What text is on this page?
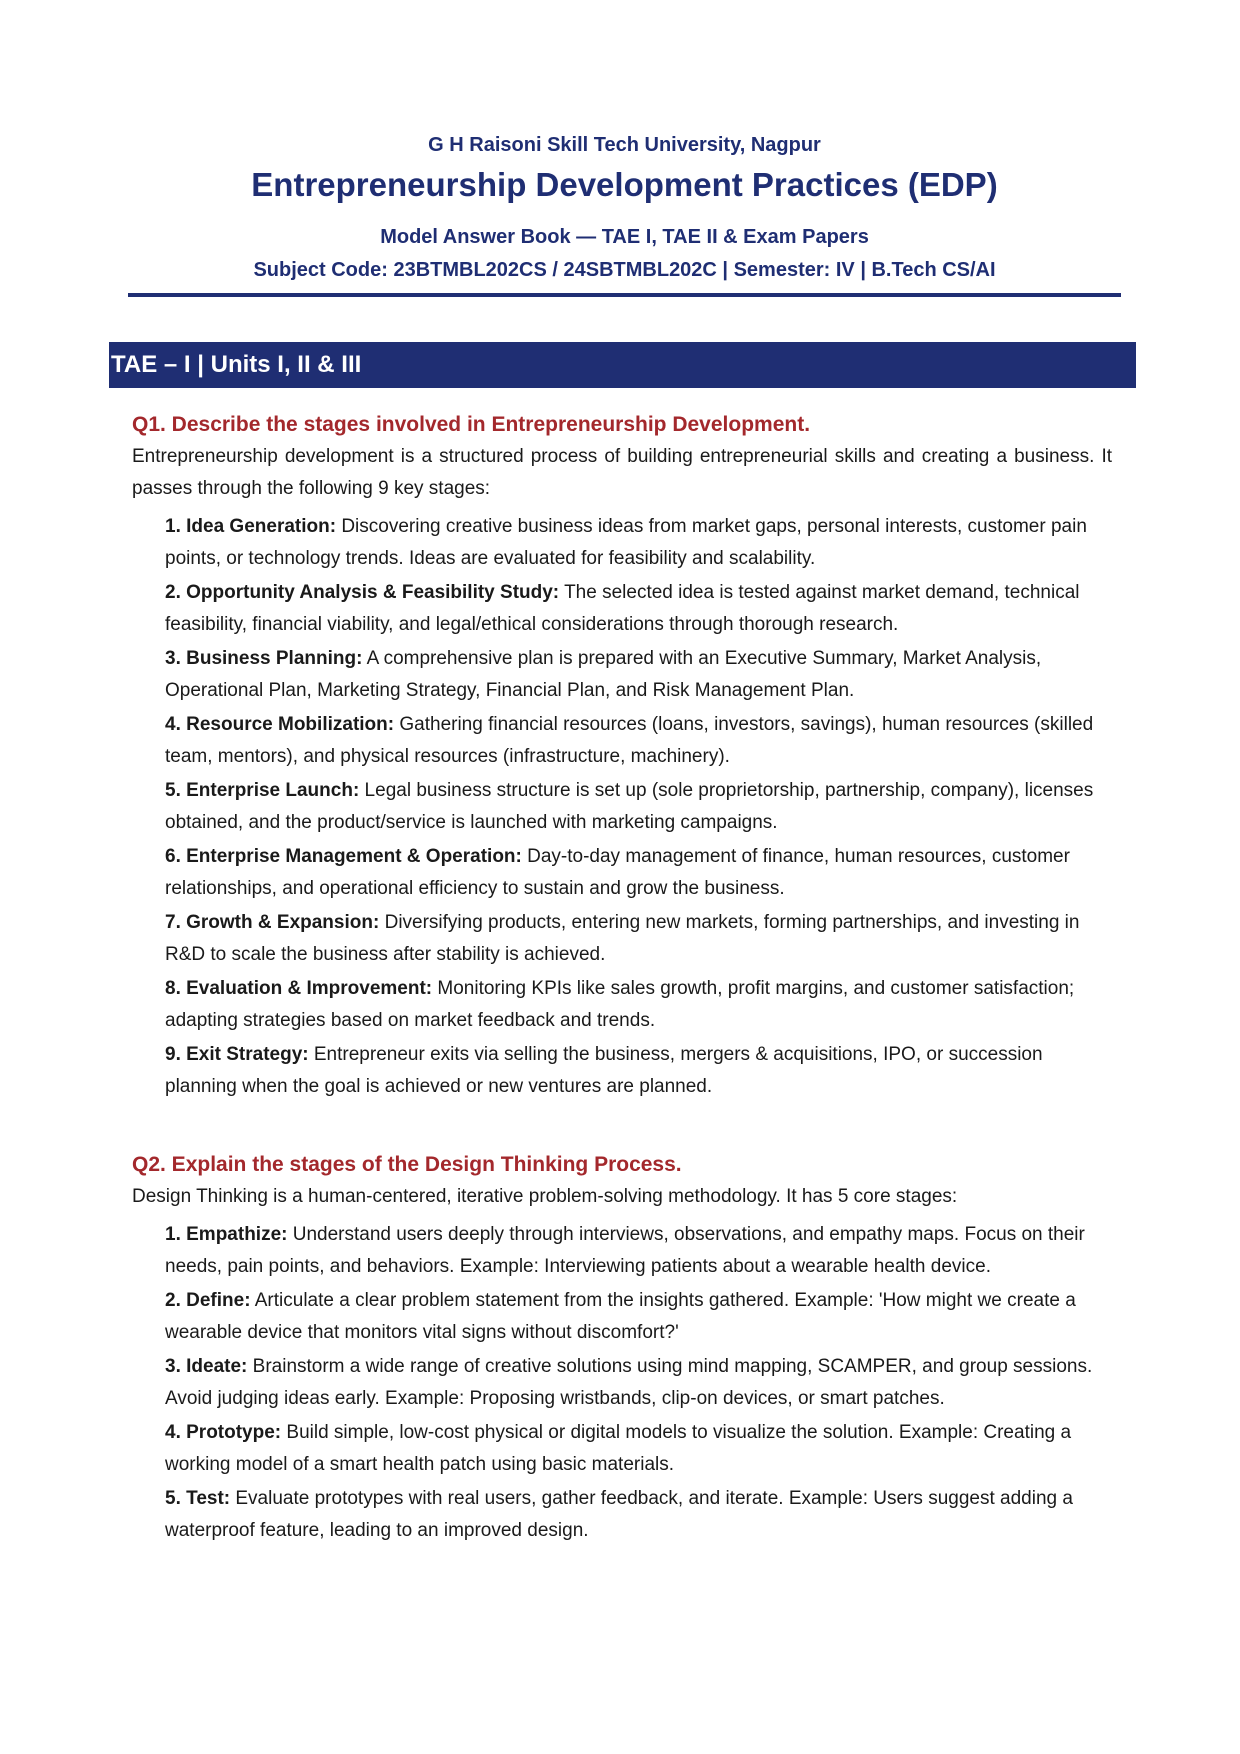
G H Raisoni Skill Tech University, Nagpur
Entrepreneurship Development Practices (EDP)
Model Answer Book — TAE I, TAE II & Exam Papers
Subject Code: 23BTMBL202CS / 24SBTMBL202C | Semester: IV | B.Tech CS/AI
TAE – I | Units I, II & III
Q1. Describe the stages involved in Entrepreneurship Development.
Entrepreneurship development is a structured process of building entrepreneurial skills and creating a business. It passes through the following 9 key stages:
1. Idea Generation: Discovering creative business ideas from market gaps, personal interests, customer pain points, or technology trends. Ideas are evaluated for feasibility and scalability.
2. Opportunity Analysis & Feasibility Study: The selected idea is tested against market demand, technical feasibility, financial viability, and legal/ethical considerations through thorough research.
3. Business Planning: A comprehensive plan is prepared with an Executive Summary, Market Analysis, Operational Plan, Marketing Strategy, Financial Plan, and Risk Management Plan.
4. Resource Mobilization: Gathering financial resources (loans, investors, savings), human resources (skilled team, mentors), and physical resources (infrastructure, machinery).
5. Enterprise Launch: Legal business structure is set up (sole proprietorship, partnership, company), licenses obtained, and the product/service is launched with marketing campaigns.
6. Enterprise Management & Operation: Day-to-day management of finance, human resources, customer relationships, and operational efficiency to sustain and grow the business.
7. Growth & Expansion: Diversifying products, entering new markets, forming partnerships, and investing in R&D to scale the business after stability is achieved.
8. Evaluation & Improvement: Monitoring KPIs like sales growth, profit margins, and customer satisfaction; adapting strategies based on market feedback and trends.
9. Exit Strategy: Entrepreneur exits via selling the business, mergers & acquisitions, IPO, or succession planning when the goal is achieved or new ventures are planned.
Q2. Explain the stages of the Design Thinking Process.
Design Thinking is a human-centered, iterative problem-solving methodology. It has 5 core stages:
1. Empathize: Understand users deeply through interviews, observations, and empathy maps. Focus on their needs, pain points, and behaviors. Example: Interviewing patients about a wearable health device.
2. Define: Articulate a clear problem statement from the insights gathered. Example: 'How might we create a wearable device that monitors vital signs without discomfort?'
3. Ideate: Brainstorm a wide range of creative solutions using mind mapping, SCAMPER, and group sessions. Avoid judging ideas early. Example: Proposing wristbands, clip-on devices, or smart patches.
4. Prototype: Build simple, low-cost physical or digital models to visualize the solution. Example: Creating a working model of a smart health patch using basic materials.
5. Test: Evaluate prototypes with real users, gather feedback, and iterate. Example: Users suggest adding a waterproof feature, leading to an improved design.
